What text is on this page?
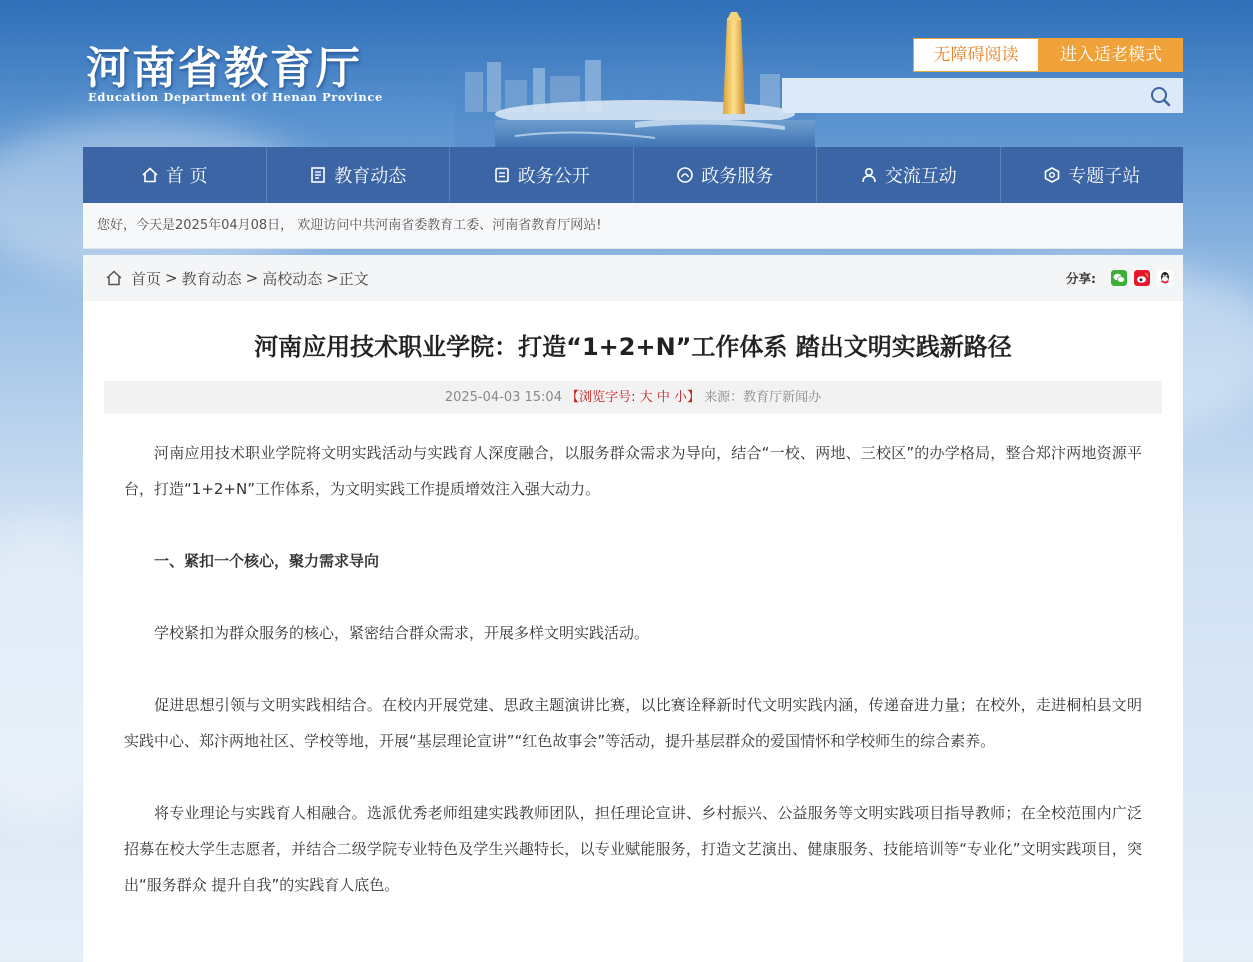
河南省教育厅
Education Department Of Henan Province
无障碍阅读	进入适老模式
首 页	教育动态	政务公开	政务服务	交流互动	专题子站
您好，今天是2025年04月08日， 欢迎访问中共河南省委教育工委、河南省教育厅网站!
首页 > 教育动态 > 高校动态 > 正文	分享:
河南应用技术职业学院：打造“1+2+N”工作体系 踏出文明实践新路径
2025-04-03 15:04 【浏览字号: 大 中 小】 来源：教育厅新闻办

河南应用技术职业学院将文明实践活动与实践育人深度融合，以服务群众需求为导向，结合“一校、两地、三校区”的办学格局，整合郑汴两地资源平台，打造“1+2+N”工作体系，为文明实践工作提质增效注入强大动力。

一、紧扣一个核心，聚力需求导向

学校紧扣为群众服务的核心，紧密结合群众需求，开展多样文明实践活动。

促进思想引领与文明实践相结合。在校内开展党建、思政主题演讲比赛，以比赛诠释新时代文明实践内涵，传递奋进力量；在校外，走进桐柏县文明实践中心、郑汴两地社区、学校等地，开展“基层理论宣讲”“红色故事会”等活动，提升基层群众的爱国情怀和学校师生的综合素养。

将专业理论与实践育人相融合。选派优秀老师组建实践教师团队，担任理论宣讲、乡村振兴、公益服务等文明实践项目指导教师；在全校范围内广泛招募在校大学生志愿者，并结合二级学院专业特色及学生兴趣特长，以专业赋能服务，打造文艺演出、健康服务、技能培训等“专业化”文明实践项目，突出“服务群众 提升自我”的实践育人底色。
